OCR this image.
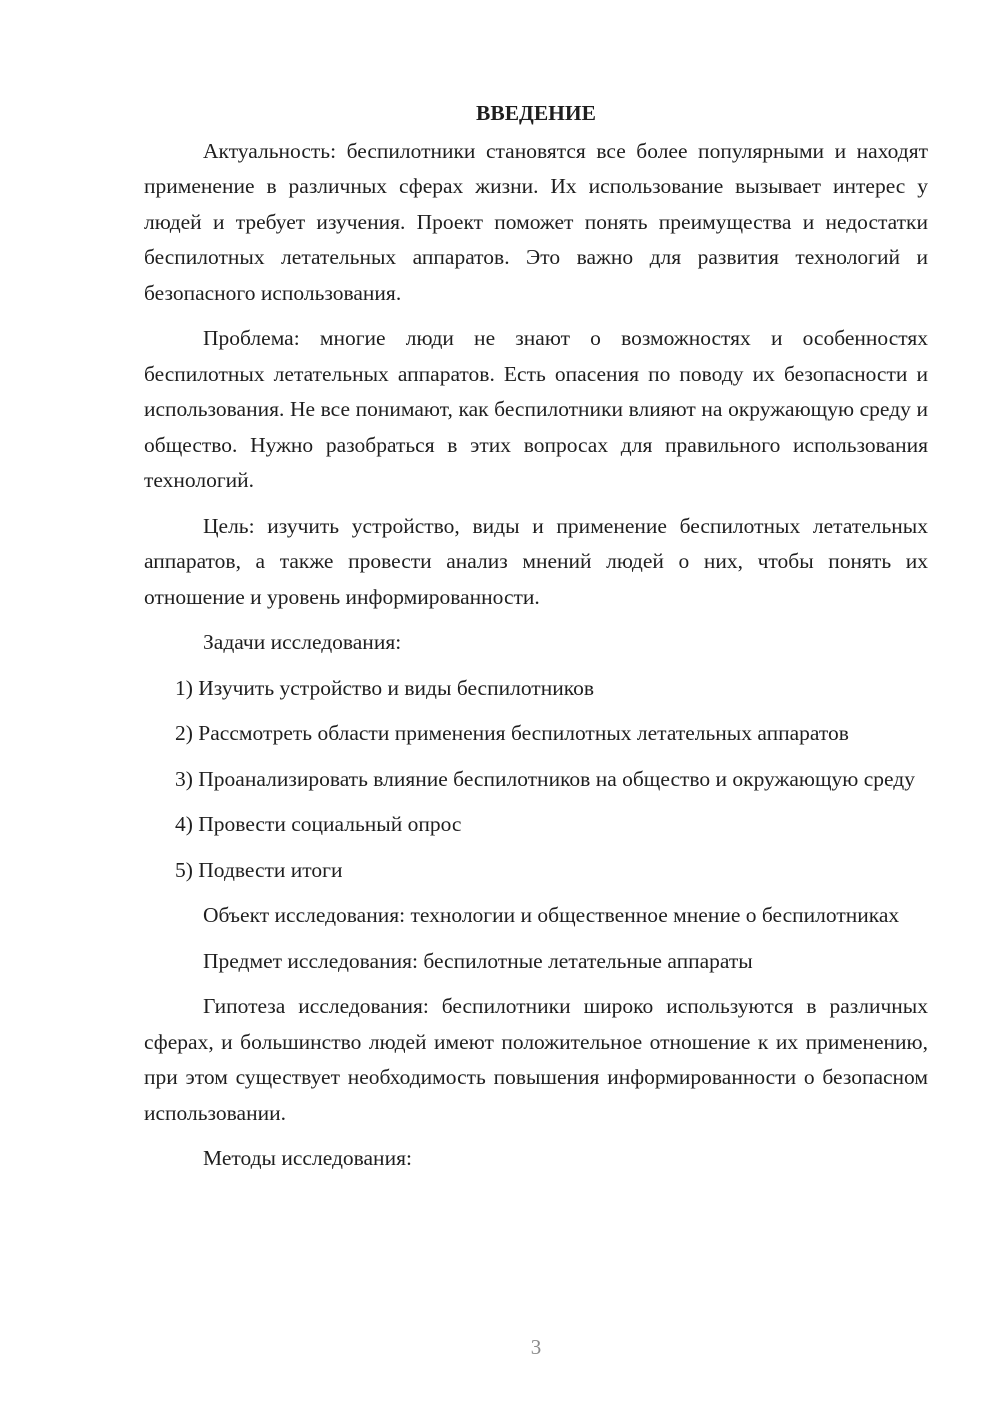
ВВЕДЕНИЕ

Актуальность: беспилотники становятся все более популярными и находят применение в различных сферах жизни. Их использование вызывает интерес у людей и требует изучения. Проект поможет понять преимущества и недостатки беспилотных летательных аппаратов. Это важно для развития технологий и безопасного использования.

Проблема: многие люди не знают о возможностях и особенностях беспилотных летательных аппаратов. Есть опасения по поводу их безопасности и использования. Не все понимают, как беспилотники влияют на окружающую среду и общество. Нужно разобраться в этих вопросах для правильного использования технологий.

Цель: изучить устройство, виды и применение беспилотных летательных аппаратов, а также провести анализ мнений людей о них, чтобы понять их отношение и уровень информированности.

Задачи исследования:

1) Изучить устройство и виды беспилотников

2) Рассмотреть области применения беспилотных летательных аппаратов

3) Проанализировать влияние беспилотников на общество и окружающую среду

4) Провести социальный опрос

5) Подвести итоги

Объект исследования: технологии и общественное мнение о беспилотниках

Предмет исследования: беспилотные летательные аппараты

Гипотеза исследования: беспилотники широко используются в различных сферах, и большинство людей имеют положительное отношение к их применению, при этом существует необходимость повышения информированности о безопасном использовании.

Методы исследования:

3
